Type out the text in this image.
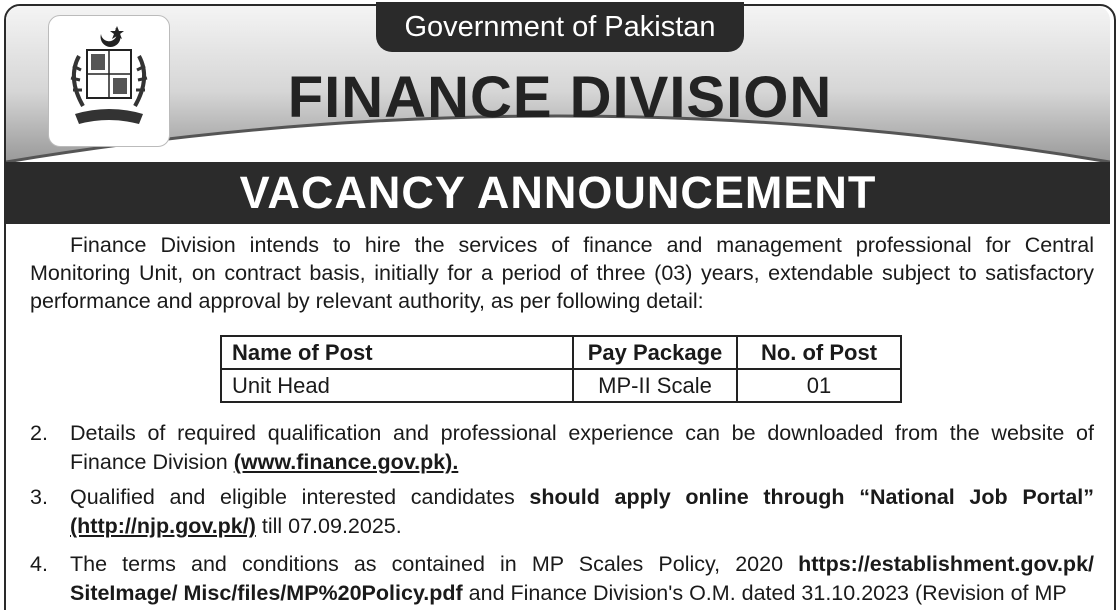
Government of Pakistan
FINANCE DIVISION
VACANCY ANNOUNCEMENT
Finance Division intends to hire the services of finance and management professional for Central Monitoring Unit, on contract basis, initially for a period of three (03) years, extendable subject to satisfactory performance and approval by relevant authority, as per following detail:
Name of Post	Pay Package	No. of Post
Unit Head	MP-II Scale	01
2. Details of required qualification and professional experience can be downloaded from the website of Finance Division (www.finance.gov.pk).
3. Qualified and eligible interested candidates should apply online through “National Job Portal” (http://njp.gov.pk/) till 07.09.2025.
4. The terms and conditions as contained in MP Scales Policy, 2020 https://establishment.gov.pk/ SiteImage/ Misc/files/MP%20Policy.pdf and Finance Division's O.M. dated 31.10.2023 (Revision of MP
